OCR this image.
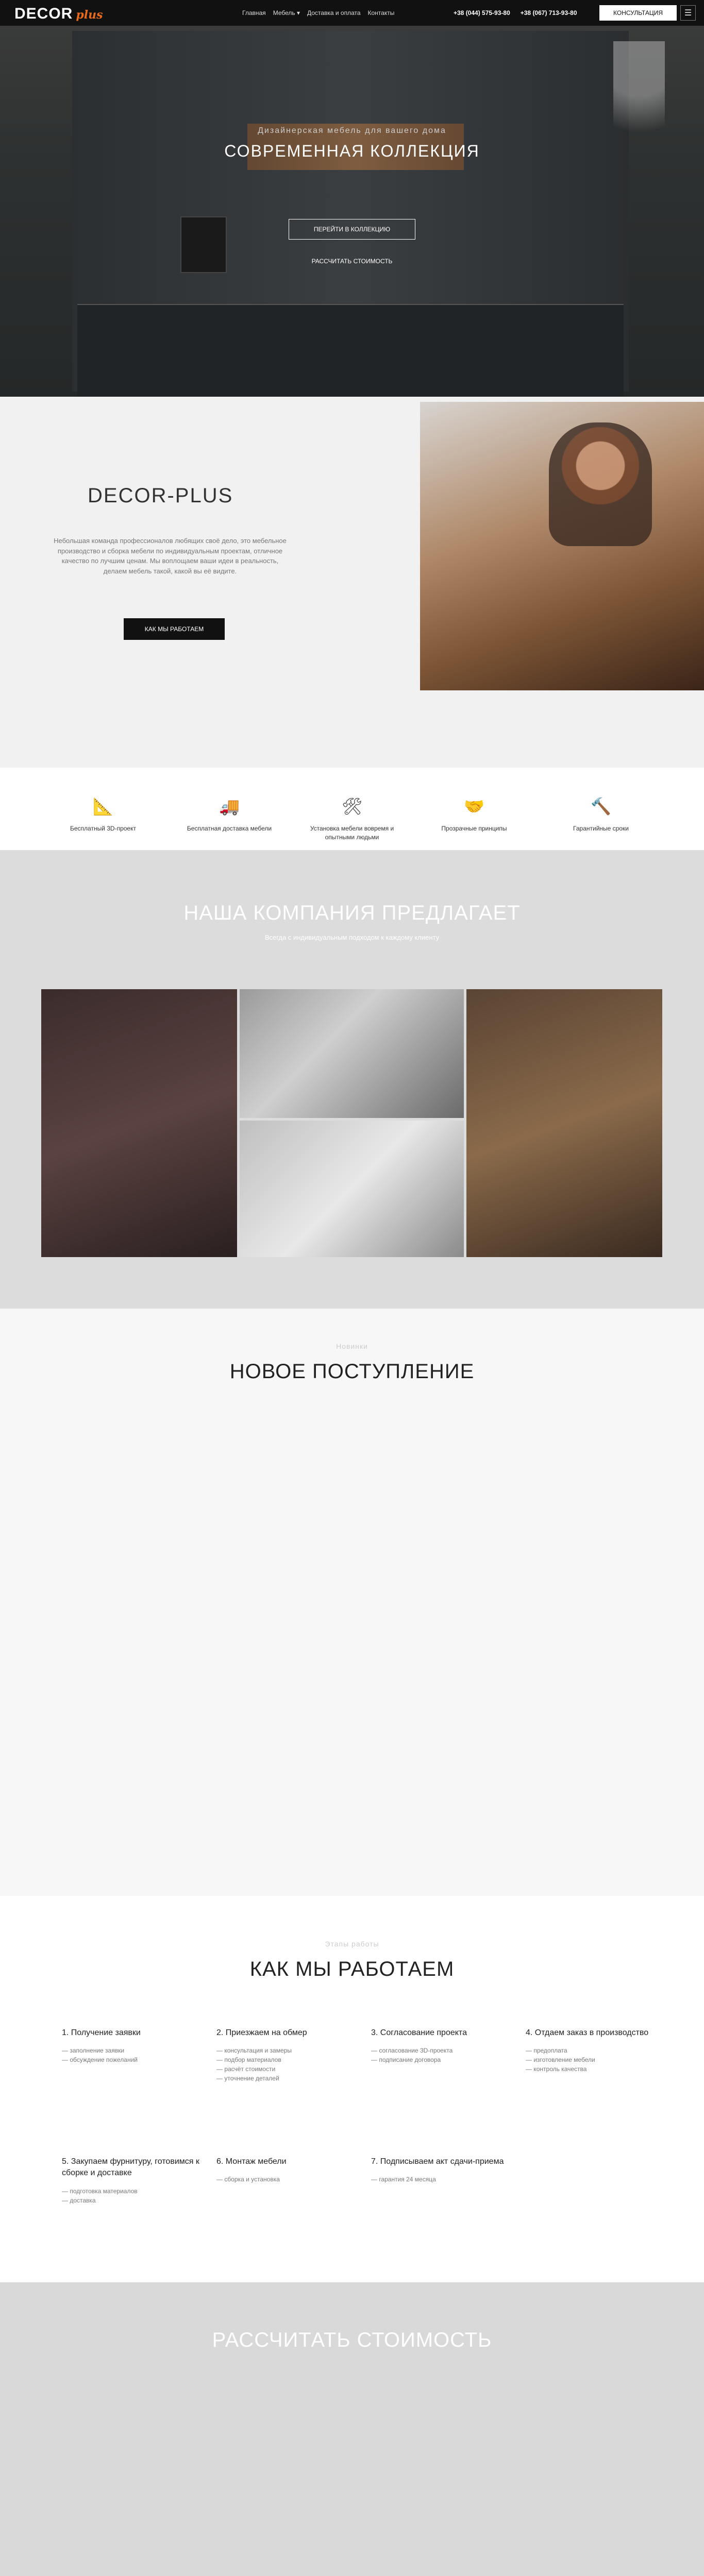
Дизайнерская мебель для вашего дома
СОВРЕМЕННАЯ КОЛЛЕКЦИЯ
ПЕРЕЙТИ В КОЛЛЕКЦИЮ
РАССЧИТАТЬ СТОИМОСТЬ
DECOR plus	Главная Мебель ▾ Доставка и оплата Контакты	+38 (044) 575-93-80 +38 (067) 713-93-80	КОНСУЛЬТАЦИЯ	☰
DECOR-PLUS
Небольшая команда профессионалов любящих своё дело, это мебельное производство и сборка мебели по индивидуальным проектам, отличное качество по лучшим ценам. Мы воплощаем ваши идеи в реальность, делаем мебель такой, какой вы её видите.
КАК МЫ РАБОТАЕМ
📐
Бесплатный 3D-проект
🚚
Бесплатная доставка мебели
🛠
Установка мебели вовремя и опытными людьми
🤝
Прозрачные принципы
🔨
Гарантийные сроки
НАША КОМПАНИЯ ПРЕДЛАГАЕТ
Всегда с индивидуальным подходом к каждому клиенту
Новинки
НОВОЕ ПОСТУПЛЕНИЕ
Этапы работы
КАК МЫ РАБОТАЕМ
1. Получение заявки
— заполнение заявки
— обсуждение пожеланий
2. Приезжаем на обмер
— консультация и замеры
— подбор материалов
— расчёт стоимости
— уточнение деталей
3. Согласование проекта
— согласование 3D-проекта
— подписание договора
4. Отдаем заказ в производство
— предоплата
— изготовление мебели
— контроль качества
5. Закупаем фурнитуру, готовимся к сборке и доставке
— подготовка материалов
— доставка
6. Монтаж мебели
— сборка и установка
7. Подписываем акт сдачи-приема
— гарантия 24 месяца
РАССЧИТАТЬ СТОИМОСТЬ
